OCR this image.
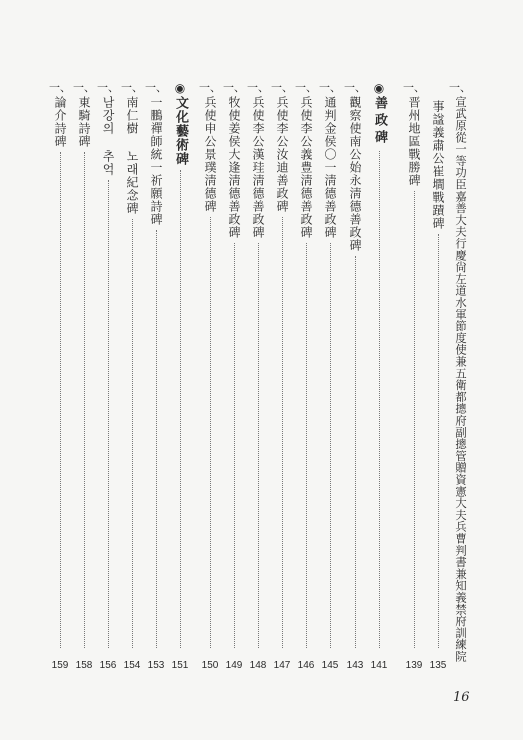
一、
宣武原從一等功臣嘉善大夫行慶尙左道水軍節度使兼五衛都摠府副摠管贈資憲大夫兵曹判書兼知義禁府訓練院
事諡義肅公崔墹戰蹟碑
135
一、
晋州地區戰勝碑
139
◉
善政碑
141
一、
觀察使南公始永淸德善政碑
143
一、
通判金侯〇一淸德善政碑
145
一、
兵使李公義豊淸德善政碑
146
一、
兵使李公汝迪善政碑
147
一、
兵使李公漢珪淸德善政碑
148
一、
牧使姜侯大逢淸德善政碑
149
一、
兵使申公景璞淸德碑
150
◉
文化藝術碑
151
一、
一鵬禪師統一祈願詩碑
153
一、
南仁樹 노래紀念碑
154
一、
남강의 추억
156
一、
東騎詩碑
158
一、
論介詩碑
159
16
